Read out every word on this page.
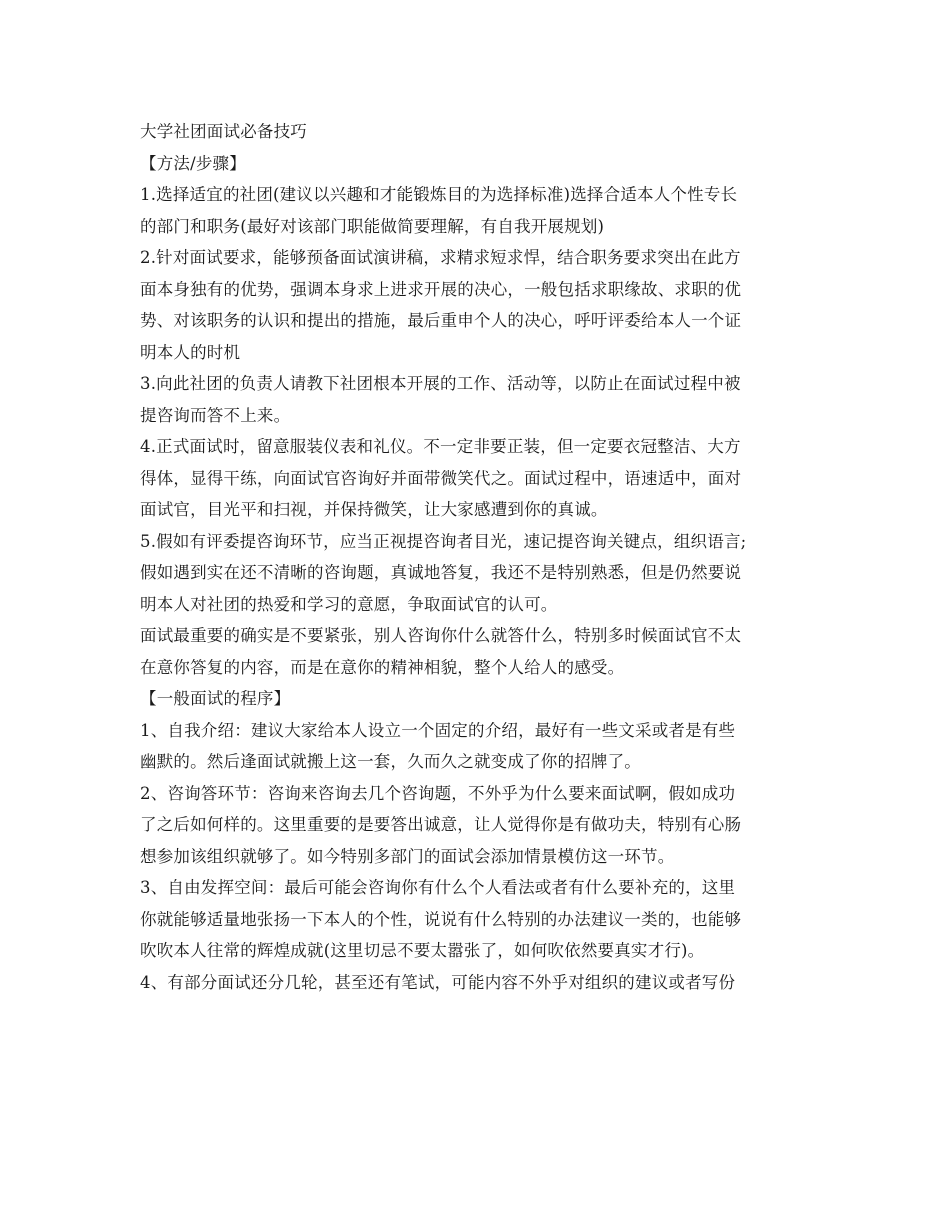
大学社团面试必备技巧
【方法/步骤】
1.选择适宜的社团(建议以兴趣和才能锻炼目的为选择标准)选择合适本人个性专长
的部门和职务(最好对该部门职能做简要理解，有自我开展规划)
2.针对面试要求，能够预备面试演讲稿，求精求短求悍，结合职务要求突出在此方
面本身独有的优势，强调本身求上进求开展的决心，一般包括求职缘故、求职的优
势、对该职务的认识和提出的措施，最后重申个人的决心，呼吁评委给本人一个证
明本人的时机
3.向此社团的负责人请教下社团根本开展的工作、活动等，以防止在面试过程中被
提咨询而答不上来。
4.正式面试时，留意服装仪表和礼仪。不一定非要正装，但一定要衣冠整洁、大方
得体，显得干练，向面试官咨询好并面带微笑代之。面试过程中，语速适中，面对
面试官，目光平和扫视，并保持微笑，让大家感遭到你的真诚。
5.假如有评委提咨询环节，应当正视提咨询者目光，速记提咨询关键点，组织语言;
假如遇到实在还不清晰的咨询题，真诚地答复，我还不是特别熟悉，但是仍然要说
明本人对社团的热爱和学习的意愿，争取面试官的认可。
面试最重要的确实是不要紧张，别人咨询你什么就答什么，特别多时候面试官不太
在意你答复的内容，而是在意你的精神相貌，整个人给人的感受。
【一般面试的程序】
1、自我介绍：建议大家给本人设立一个固定的介绍，最好有一些文采或者是有些
幽默的。然后逢面试就搬上这一套，久而久之就变成了你的招牌了。
2、咨询答环节：咨询来咨询去几个咨询题，不外乎为什么要来面试啊，假如成功
了之后如何样的。这里重要的是要答出诚意，让人觉得你是有做功夫，特别有心肠
想参加该组织就够了。如今特别多部门的面试会添加情景模仿这一环节。
3、自由发挥空间：最后可能会咨询你有什么个人看法或者有什么要补充的，这里
你就能够适量地张扬一下本人的个性，说说有什么特别的办法建议一类的，也能够
吹吹本人往常的辉煌成就(这里切忌不要太嚣张了，如何吹依然要真实才行)。
4、有部分面试还分几轮，甚至还有笔试，可能内容不外乎对组织的建议或者写份
